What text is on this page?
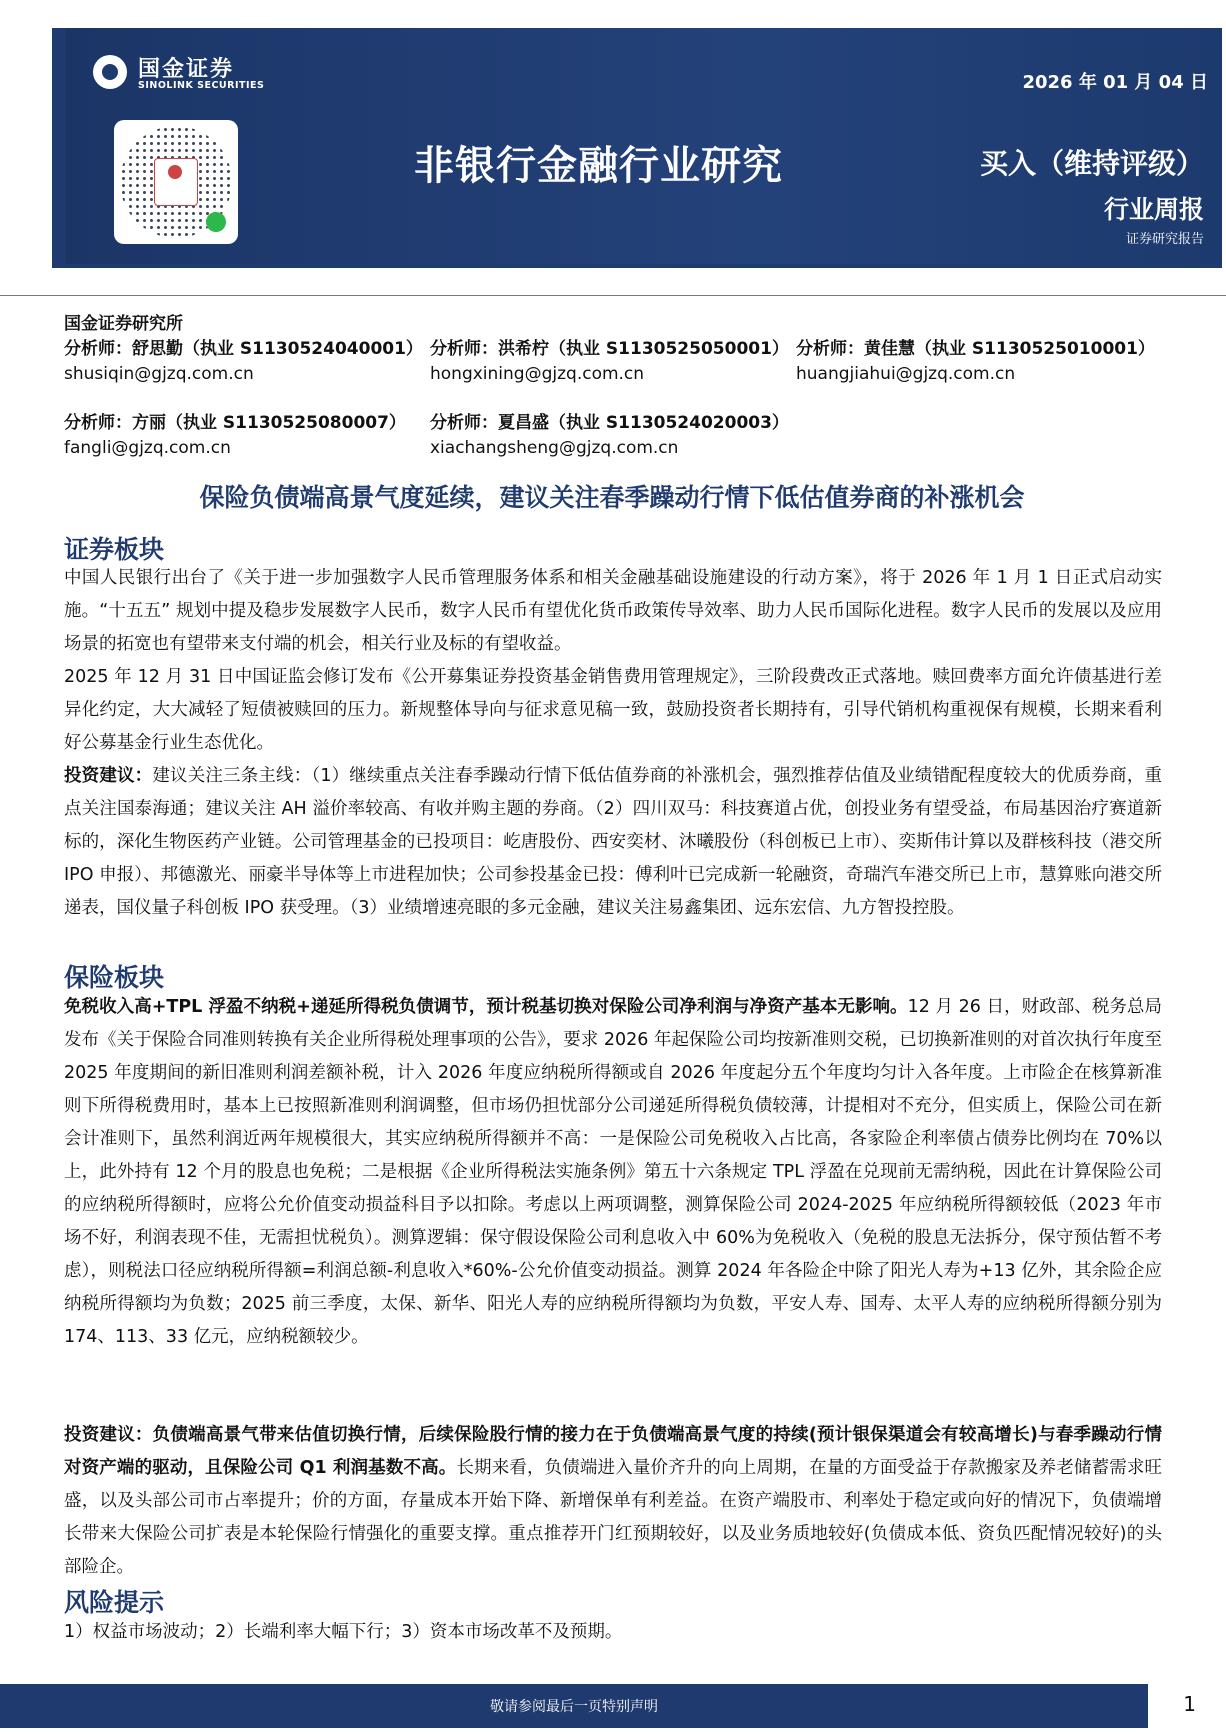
国金证券
SINOLINK SECURITIES	2026 年 01 月 04 日
非银行金融行业研究	买入（维持评级）
行业周报
证券研究报告
国金证券研究所
分析师：舒思勤（执业 S1130524040001）
shusiqin@gjzq.com.cn
分析师：洪希柠（执业 S1130525050001）
hongxining@gjzq.com.cn
分析师：黄佳慧（执业 S1130525010001）
huangjiahui@gjzq.com.cn
分析师：方丽（执业 S1130525080007）
fangli@gjzq.com.cn
分析师：夏昌盛（执业 S1130524020003）
xiachangsheng@gjzq.com.cn
保险负债端高景气度延续，建议关注春季躁动行情下低估值券商的补涨机会
证券板块
中国人民银行出台了《关于进一步加强数字人民币管理服务体系和相关金融基础设施建设的行动方案》，将于 2026 年 1 月 1 日正式启动实施。“十五五” 规划中提及稳步发展数字人民币，数字人民币有望优化货币政策传导效率、助力人民币国际化进程。数字人民币的发展以及应用场景的拓宽也有望带来支付端的机会，相关行业及标的有望收益。
2025 年 12 月 31 日中国证监会修订发布《公开募集证券投资基金销售费用管理规定》，三阶段费改正式落地。赎回费率方面允许债基进行差异化约定，大大减轻了短债被赎回的压力。新规整体导向与征求意见稿一致，鼓励投资者长期持有，引导代销机构重视保有规模，长期来看利好公募基金行业生态优化。
投资建议：建议关注三条主线：（1）继续重点关注春季躁动行情下低估值券商的补涨机会，强烈推荐估值及业绩错配程度较大的优质券商，重点关注国泰海通；建议关注 AH 溢价率较高、有收并购主题的券商。（2）四川双马：科技赛道占优，创投业务有望受益，布局基因治疗赛道新标的，深化生物医药产业链。公司管理基金的已投项目：屹唐股份、西安奕材、沐曦股份（科创板已上市）、奕斯伟计算以及群核科技（港交所 IPO 申报）、邦德激光、丽豪半导体等上市进程加快；公司参投基金已投：傅利叶已完成新一轮融资，奇瑞汽车港交所已上市，慧算账向港交所递表，国仪量子科创板 IPO 获受理。（3）业绩增速亮眼的多元金融，建议关注易鑫集团、远东宏信、九方智投控股。
保险板块
免税收入高+TPL 浮盈不纳税+递延所得税负债调节，预计税基切换对保险公司净利润与净资产基本无影响。12 月 26 日，财政部、税务总局发布《关于保险合同准则转换有关企业所得税处理事项的公告》，要求 2026 年起保险公司均按新准则交税，已切换新准则的对首次执行年度至 2025 年度期间的新旧准则利润差额补税，计入 2026 年度应纳税所得额或自 2026 年度起分五个年度均匀计入各年度。上市险企在核算新准则下所得税费用时，基本上已按照新准则利润调整，但市场仍担忧部分公司递延所得税负债较薄，计提相对不充分，但实质上，保险公司在新会计准则下，虽然利润近两年规模很大，其实应纳税所得额并不高：一是保险公司免税收入占比高，各家险企利率债占债券比例均在 70%以上，此外持有 12 个月的股息也免税；二是根据《企业所得税法实施条例》第五十六条规定 TPL 浮盈在兑现前无需纳税，因此在计算保险公司的应纳税所得额时，应将公允价值变动损益科目予以扣除。考虑以上两项调整，测算保险公司 2024-2025 年应纳税所得额较低（2023 年市场不好，利润表现不佳，无需担忧税负）。测算逻辑：保守假设保险公司利息收入中 60%为免税收入（免税的股息无法拆分，保守预估暂不考虑），则税法口径应纳税所得额=利润总额-利息收入*60%-公允价值变动损益。测算 2024 年各险企中除了阳光人寿为+13 亿外，其余险企应纳税所得额均为负数；2025 前三季度，太保、新华、阳光人寿的应纳税所得额均为负数，平安人寿、国寿、太平人寿的应纳税所得额分别为 174、113、33 亿元，应纳税额较少。
投资建议：负债端高景气带来估值切换行情，后续保险股行情的接力在于负债端高景气度的持续(预计银保渠道会有较高增长)与春季躁动行情对资产端的驱动，且保险公司 Q1 利润基数不高。长期来看，负债端进入量价齐升的向上周期，在量的方面受益于存款搬家及养老储蓄需求旺盛，以及头部公司市占率提升；价的方面，存量成本开始下降、新增保单有利差益。在资产端股市、利率处于稳定或向好的情况下，负债端增长带来大保险公司扩表是本轮保险行情强化的重要支撑。重点推荐开门红预期较好，以及业务质地较好(负债成本低、资负匹配情况较好)的头部险企。
风险提示
1）权益市场波动；2）长端利率大幅下行；3）资本市场改革不及预期。
敬请参阅最后一页特别声明	1
